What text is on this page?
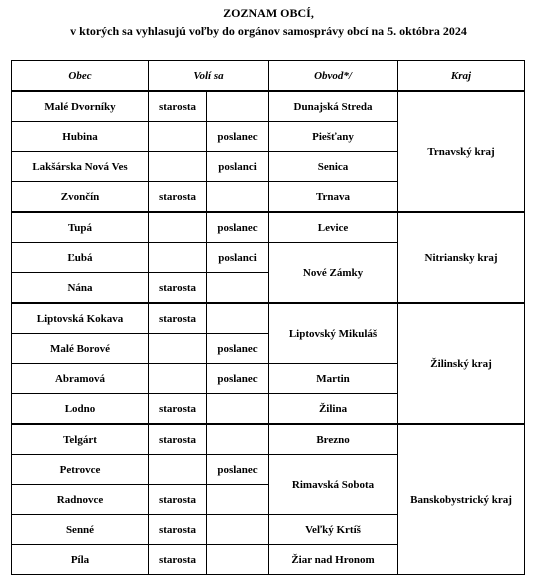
ZOZNAM OBCÍ,
v ktorých sa vyhlasujú voľby do orgánov samosprávy obcí na 5. októbra 2024
Obec	Volí sa		Obvod*/	Kraj
Malé Dvorníky	starosta		Dunajská Streda	Trnavský kraj
Hubina		poslanec	Piešťany	
Lakšárska Nová Ves		poslanci	Senica	
Zvončín	starosta		Trnava	
Tupá		poslanec	Levice	Nitriansky kraj
Ľubá		poslanci	Nové Zámky	
Nána	starosta			
Liptovská Kokava	starosta		Liptovský Mikuláš	Žilinský kraj
Malé Borové		poslanec		
Abramová		poslanec	Martin	
Lodno	starosta		Žilina	
Telgárt	starosta		Brezno	Banskobystrický kraj
Petrovce		poslanec	Rimavská Sobota	
Radnovce	starosta			
Senné	starosta		Veľký Krtíš	
Píla	starosta		Žiar nad Hronom	
